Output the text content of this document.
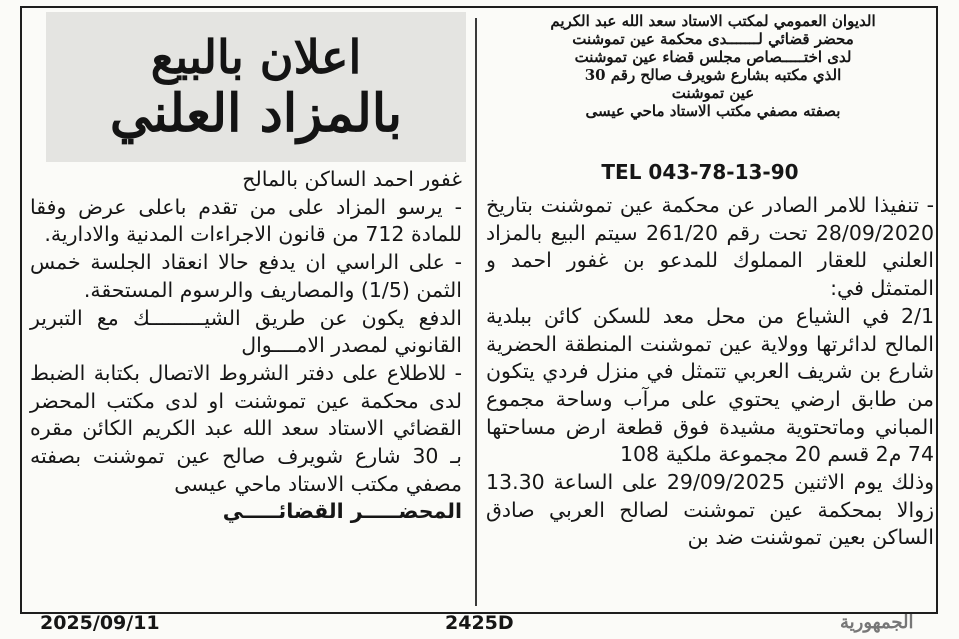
اعلان بالبيع
بالمزاد العلني
الديوان العمومي لمكتب الاستاد سعد الله عبد الكريم
محضر قضائي لـــــــدى محكمة عين تموشنت
لدى اختـــــصاص مجلس قضاء عين تموشنت
الذي مكتبه بشارع شويرف صالح رقم 30
عين تموشنت
بصفته مصفي مكتب الاستاد ماحي عيسى
TEL 043-78-13-90

- تنفيذا للامر الصادر عن محكمة عين تموشنت بتاريخ 28/09/2020 تحت رقم 261/20 سيتم البيع بالمزاد العلني للعقار المملوك للمدعو بن غفور احمد و المتمثل في:

2/1 في الشياع من محل معد للسكن كائن ببلدية المالح لدائرتها وولاية عين تموشنت المنطقة الحضرية شارع بن شريف العربي تتمثل في منزل فردي يتكون من طابق ارضي يحتوي على مرآب وساحة مجموع المباني وماتحتوية مشيدة فوق قطعة ارض مساحتها 74 م2 قسم 20 مجموعة ملكية 108

وذلك يوم الاثنين 29/09/2025 على الساعة 13.30 زوالا بمحكمة عين تموشنت لصالح العربي صادق الساكن بعين تموشنت ضد بن

غفور احمد الساكن بالمالح

- يرسو المزاد على من تقدم باعلى عرض وفقا للمادة 712 من قانون الاجراءات المدنية والادارية.

- على الراسي ان يدفع حالا انعقاد الجلسة خمس الثمن (1/5) والمصاريف والرسوم المستحقة.

الدفع يكون عن طريق الشيـــــــــك مع التبرير القانوني لمصدر الامــــوال

- للاطلاع على دفتر الشروط الاتصال بكتابة الضبط لدى محكمة عين تموشنت او لدى مكتب المحضر القضائي الاستاد سعد الله عبد الكريم الكائن مقره بـ 30 شارع شويرف صالح عين تموشنت بصفته مصفي مكتب الاستاد ماحي عيسى

المحضـــــر القضائـــــي

2025/09/11	2425D	الجمهورية
